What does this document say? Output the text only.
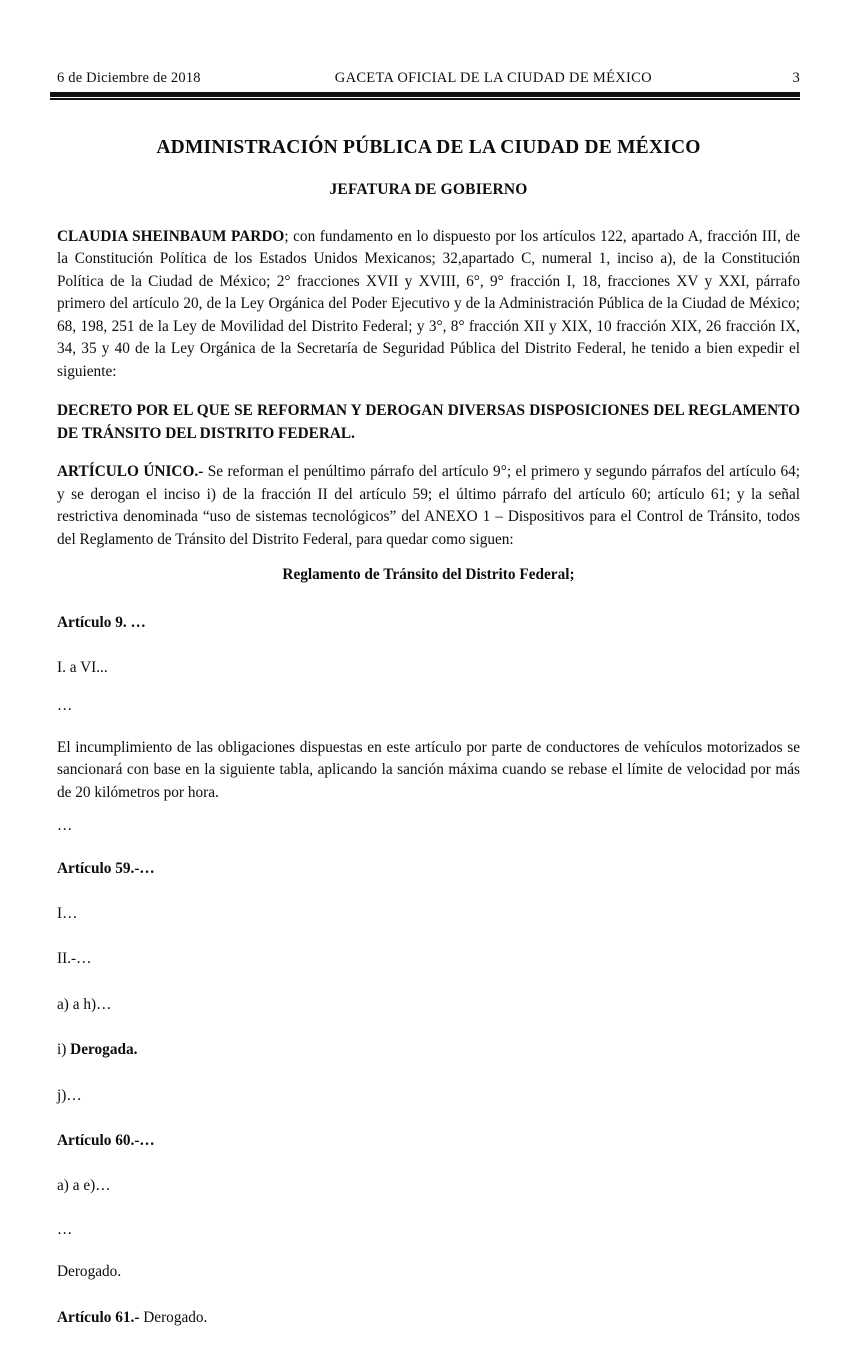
6 de Diciembre de 2018	GACETA OFICIAL DE LA CIUDAD DE MÉXICO	3
ADMINISTRACIÓN PÚBLICA DE LA CIUDAD DE MÉXICO
JEFATURA DE GOBIERNO

CLAUDIA SHEINBAUM PARDO; con fundamento en lo dispuesto por los artículos 122, apartado A, fracción III, de la Constitución Política de los Estados Unidos Mexicanos; 32,apartado C, numeral 1, inciso a), de la Constitución Política de la Ciudad de México; 2° fracciones XVII y XVIII, 6°, 9° fracción I, 18, fracciones XV y XXI, párrafo primero del artículo 20, de la Ley Orgánica del Poder Ejecutivo y de la Administración Pública de la Ciudad de México; 68, 198, 251 de la Ley de Movilidad del Distrito Federal; y 3°, 8° fracción XII y XIX, 10 fracción XIX, 26 fracción IX, 34, 35 y 40 de la Ley Orgánica de la Secretaría de Seguridad Pública del Distrito Federal, he tenido a bien expedir el siguiente:

DECRETO POR EL QUE SE REFORMAN Y DEROGAN DIVERSAS DISPOSICIONES DEL REGLAMENTO DE TRÁNSITO DEL DISTRITO FEDERAL.

ARTÍCULO ÚNICO.- Se reforman el penúltimo párrafo del artículo 9°; el primero y segundo párrafos del artículo 64; y se derogan el inciso i) de la fracción II del artículo 59; el último párrafo del artículo 60; artículo 61; y la señal restrictiva denominada “uso de sistemas tecnológicos” del ANEXO 1 – Dispositivos para el Control de Tránsito, todos del Reglamento de Tránsito del Distrito Federal, para quedar como siguen:

Reglamento de Tránsito del Distrito Federal;

Artículo 9. …

I. a VI...

…

El incumplimiento de las obligaciones dispuestas en este artículo por parte de conductores de vehículos motorizados se sancionará con base en la siguiente tabla, aplicando la sanción máxima cuando se rebase el límite de velocidad por más de 20 kilómetros por hora.

…

Artículo 59.-…

I…

II.-…

a) a h)…

i) Derogada.

j)…

Artículo 60.-…

a) a e)…

…

Derogado.

Artículo 61.- Derogado.
